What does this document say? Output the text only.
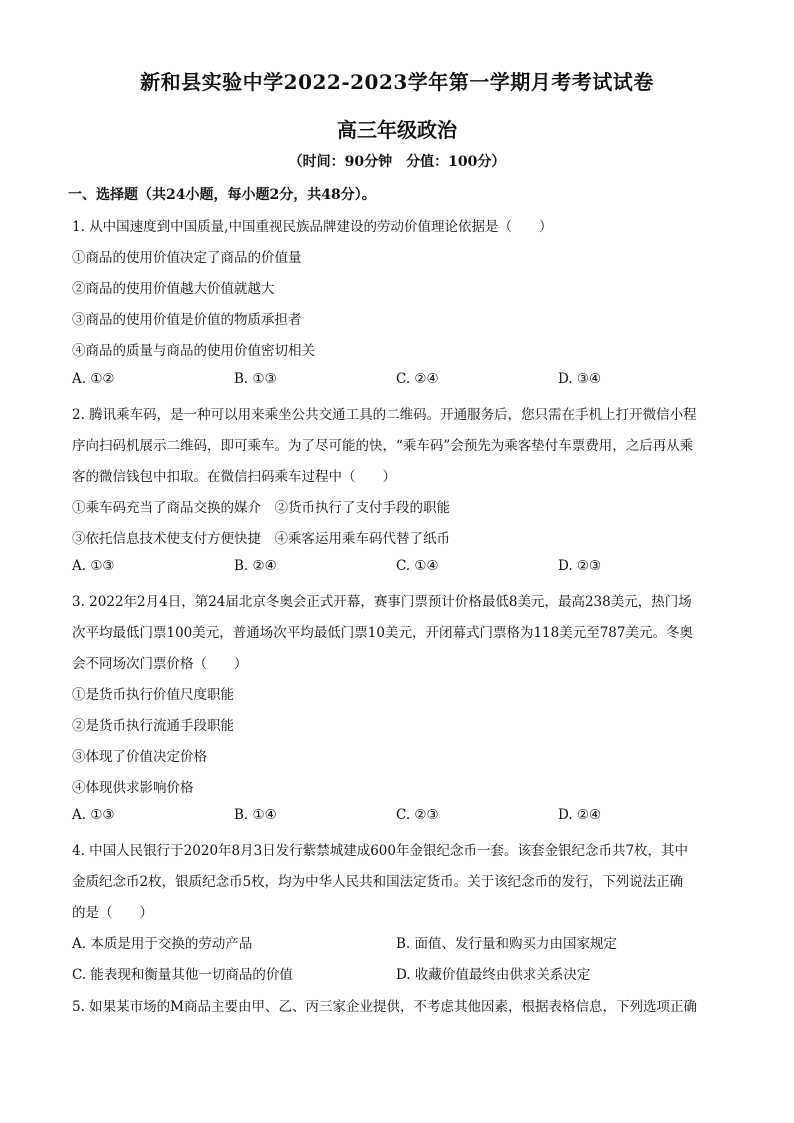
新和县实验中学2022-2023学年第一学期月考考试试卷
高三年级政治
（时间：90分钟　分值：100分）
一、选择题（共24小题，每小题2分，共48分）。
1. 从中国速度到中国质量,中国重视民族品牌建设的劳动价值理论依据是（　　）
①商品的使用价值决定了商品的价值量
②商品的使用价值越大价值就越大
③商品的使用价值是价值的物质承担者
④商品的质量与商品的使用价值密切相关
A. ①②	B. ①③	C. ②④	D. ③④
2. 腾讯乘车码，是一种可以用来乘坐公共交通工具的二维码。开通服务后，您只需在手机上打开微信小程
序向扫码机展示二维码，即可乘车。为了尽可能的快，“乘车码”会预先为乘客垫付车票费用，之后再从乘
客的微信钱包中扣取。在微信扫码乘车过程中（　　）
①乘车码充当了商品交换的媒介　②货币执行了支付手段的职能
③依托信息技术使支付方便快捷　④乘客运用乘车码代替了纸币
A. ①③	B. ②④	C. ①④	D. ②③
3. 2022年2月4日，第24届北京冬奥会正式开幕，赛事门票预计价格最低8美元，最高238美元，热门场
次平均最低门票100美元，普通场次平均最低门票10美元，开闭幕式门票格为118美元至787美元。冬奥
会不同场次门票价格（　　）
①是货币执行价值尺度职能
②是货币执行流通手段职能
③体现了价值决定价格
④体现供求影响价格
A. ①③	B. ①④	C. ②③	D. ②④
4. 中国人民银行于2020年8月3日发行紫禁城建成600年金银纪念币一套。该套金银纪念币共7枚，其中
金质纪念币2枚，银质纪念币5枚，均为中华人民共和国法定货币。关于该纪念币的发行，下列说法正确
的是（　　）
A. 本质是用于交换的劳动产品	B. 面值、发行量和购买力由国家规定
C. 能表现和衡量其他一切商品的价值	D. 收藏价值最终由供求关系决定
5. 如果某市场的M商品主要由甲、乙、丙三家企业提供，不考虑其他因素，根据表格信息，下列选项正确
